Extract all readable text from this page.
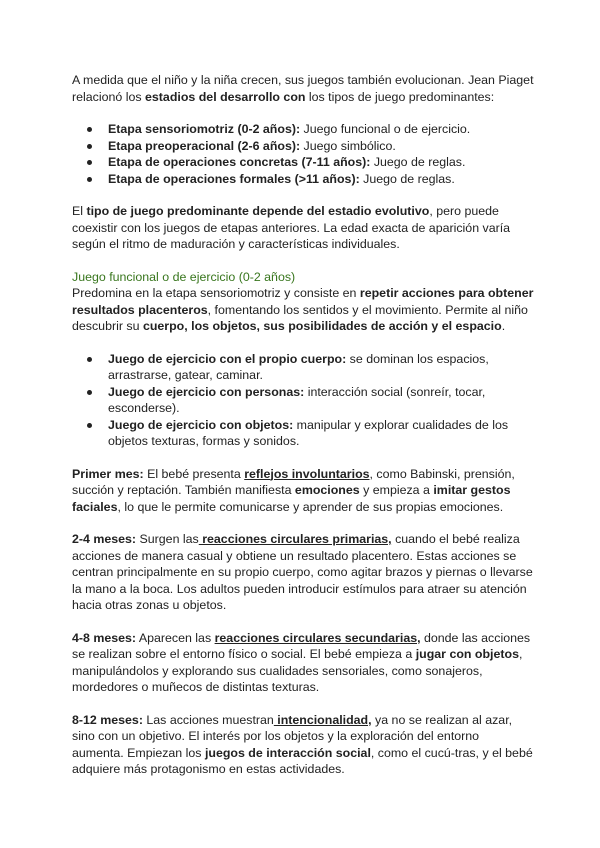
A medida que el niño y la niña crecen, sus juegos también evolucionan. Jean Piaget relacionó los estadios del desarrollo con los tipos de juego predominantes:

Etapa sensoriomotriz (0-2 años): Juego funcional o de ejercicio.
Etapa preoperacional (2-6 años): Juego simbólico.
Etapa de operaciones concretas (7-11 años): Juego de reglas.
Etapa de operaciones formales (>11 años): Juego de reglas.

El tipo de juego predominante depende del estadio evolutivo, pero puede coexistir con los juegos de etapas anteriores. La edad exacta de aparición varía según el ritmo de maduración y características individuales.

Juego funcional o de ejercicio (0-2 años)

Predomina en la etapa sensoriomotriz y consiste en repetir acciones para obtener resultados placenteros, fomentando los sentidos y el movimiento. Permite al niño descubrir su cuerpo, los objetos, sus posibilidades de acción y el espacio.

Juego de ejercicio con el propio cuerpo: se dominan los espacios, arrastrarse, gatear, caminar.
Juego de ejercicio con personas: interacción social (sonreír, tocar, esconderse).
Juego de ejercicio con objetos: manipular y explorar cualidades de los objetos texturas, formas y sonidos.

Primer mes: El bebé presenta reflejos involuntarios, como Babinski, prensión, succión y reptación. También manifiesta emociones y empieza a imitar gestos faciales, lo que le permite comunicarse y aprender de sus propias emociones.

2-4 meses: Surgen las reacciones circulares primarias, cuando el bebé realiza acciones de manera casual y obtiene un resultado placentero. Estas acciones se centran principalmente en su propio cuerpo, como agitar brazos y piernas o llevarse la mano a la boca. Los adultos pueden introducir estímulos para atraer su atención hacia otras zonas u objetos.

4-8 meses: Aparecen las reacciones circulares secundarias, donde las acciones se realizan sobre el entorno físico o social. El bebé empieza a jugar con objetos, manipulándolos y explorando sus cualidades sensoriales, como sonajeros, mordedores o muñecos de distintas texturas.

8-12 meses: Las acciones muestran intencionalidad, ya no se realizan al azar, sino con un objetivo. El interés por los objetos y la exploración del entorno aumenta. Empiezan los juegos de interacción social, como el cucú-tras, y el bebé adquiere más protagonismo en estas actividades.
